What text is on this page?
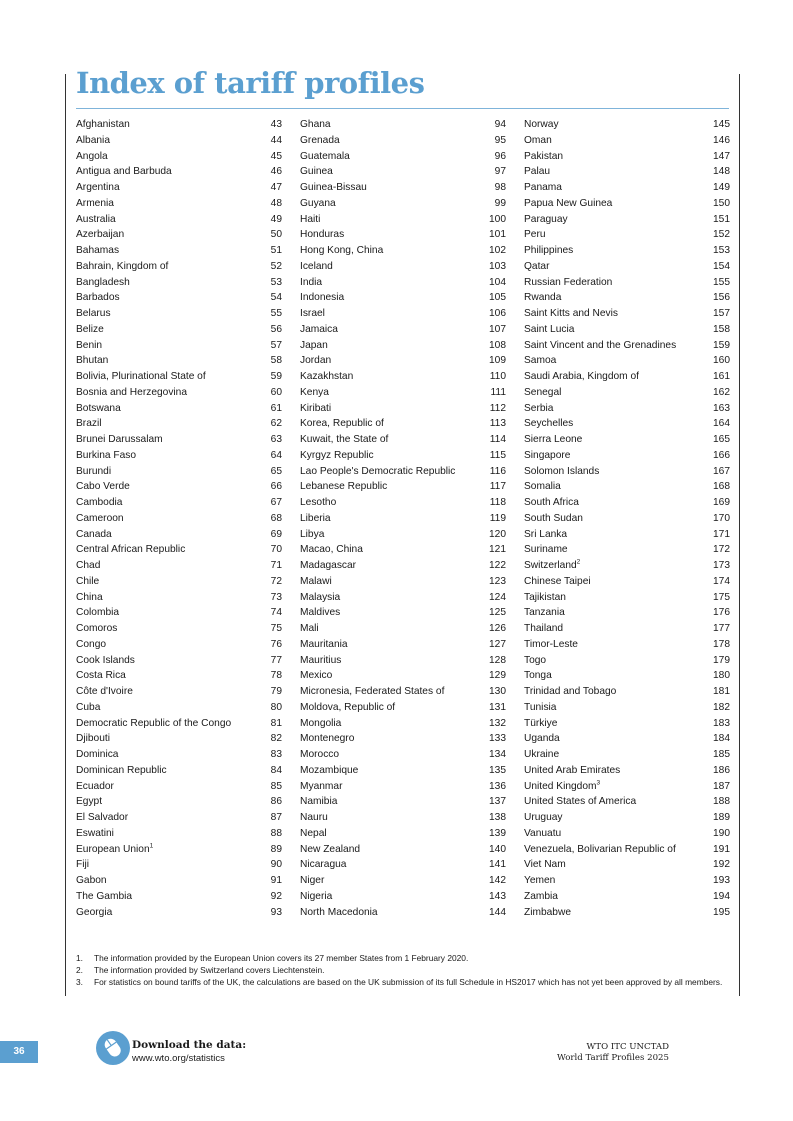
Index of tariff profiles
Afghanistan	43
Albania	44
Angola	45
Antigua and Barbuda	46
Argentina	47
Armenia	48
Australia	49
Azerbaijan	50
Bahamas	51
Bahrain, Kingdom of	52
Bangladesh	53
Barbados	54
Belarus	55
Belize	56
Benin	57
Bhutan	58
Bolivia, Plurinational State of	59
Bosnia and Herzegovina	60
Botswana	61
Brazil	62
Brunei Darussalam	63
Burkina Faso	64
Burundi	65
Cabo Verde	66
Cambodia	67
Cameroon	68
Canada	69
Central African Republic	70
Chad	71
Chile	72
China	73
Colombia	74
Comoros	75
Congo	76
Cook Islands	77
Costa Rica	78
Côte d'Ivoire	79
Cuba	80
Democratic Republic of the Congo	81
Djibouti	82
Dominica	83
Dominican Republic	84
Ecuador	85
Egypt	86
El Salvador	87
Eswatini	88
European Union$^1$	89
Fiji	90
Gabon	91
The Gambia	92
Georgia	93
Ghana	94
Grenada	95
Guatemala	96
Guinea	97
Guinea-Bissau	98
Guyana	99
Haiti	100
Honduras	101
Hong Kong, China	102
Iceland	103
India	104
Indonesia	105
Israel	106
Jamaica	107
Japan	108
Jordan	109
Kazakhstan	110
Kenya	111
Kiribati	112
Korea, Republic of	113
Kuwait, the State of	114
Kyrgyz Republic	115
Lao People's Democratic Republic	116
Lebanese Republic	117
Lesotho	118
Liberia	119
Libya	120
Macao, China	121
Madagascar	122
Malawi	123
Malaysia	124
Maldives	125
Mali	126
Mauritania	127
Mauritius	128
Mexico	129
Micronesia, Federated States of	130
Moldova, Republic of	131
Mongolia	132
Montenegro	133
Morocco	134
Mozambique	135
Myanmar	136
Namibia	137
Nauru	138
Nepal	139
New Zealand	140
Nicaragua	141
Niger	142
Nigeria	143
North Macedonia	144
Norway	145
Oman	146
Pakistan	147
Palau	148
Panama	149
Papua New Guinea	150
Paraguay	151
Peru	152
Philippines	153
Qatar	154
Russian Federation	155
Rwanda	156
Saint Kitts and Nevis	157
Saint Lucia	158
Saint Vincent and the Grenadines	159
Samoa	160
Saudi Arabia, Kingdom of	161
Senegal	162
Serbia	163
Seychelles	164
Sierra Leone	165
Singapore	166
Solomon Islands	167
Somalia	168
South Africa	169
South Sudan	170
Sri Lanka	171
Suriname	172
Switzerland$^2$	173
Chinese Taipei	174
Tajikistan	175
Tanzania	176
Thailand	177
Timor-Leste	178
Togo	179
Tonga	180
Trinidad and Tobago	181
Tunisia	182
Türkiye	183
Uganda	184
Ukraine	185
United Arab Emirates	186
United Kingdom$^3$	187
United States of America	188
Uruguay	189
Vanuatu	190
Venezuela, Bolivarian Republic of	191
Viet Nam	192
Yemen	193
Zambia	194
Zimbabwe	195
1.	The information provided by the European Union covers its 27 member States from 1 February 2020.
2.	The information provided by Switzerland covers Liechtenstein.
3.	For statistics on bound tariffs of the UK, the calculations are based on the UK submission of its full Schedule in HS2017 which has not yet been approved by all members.
36
Download the data:
www.wto.org/statistics
WTO ITC UNCTAD
World Tariff Profiles 2025
